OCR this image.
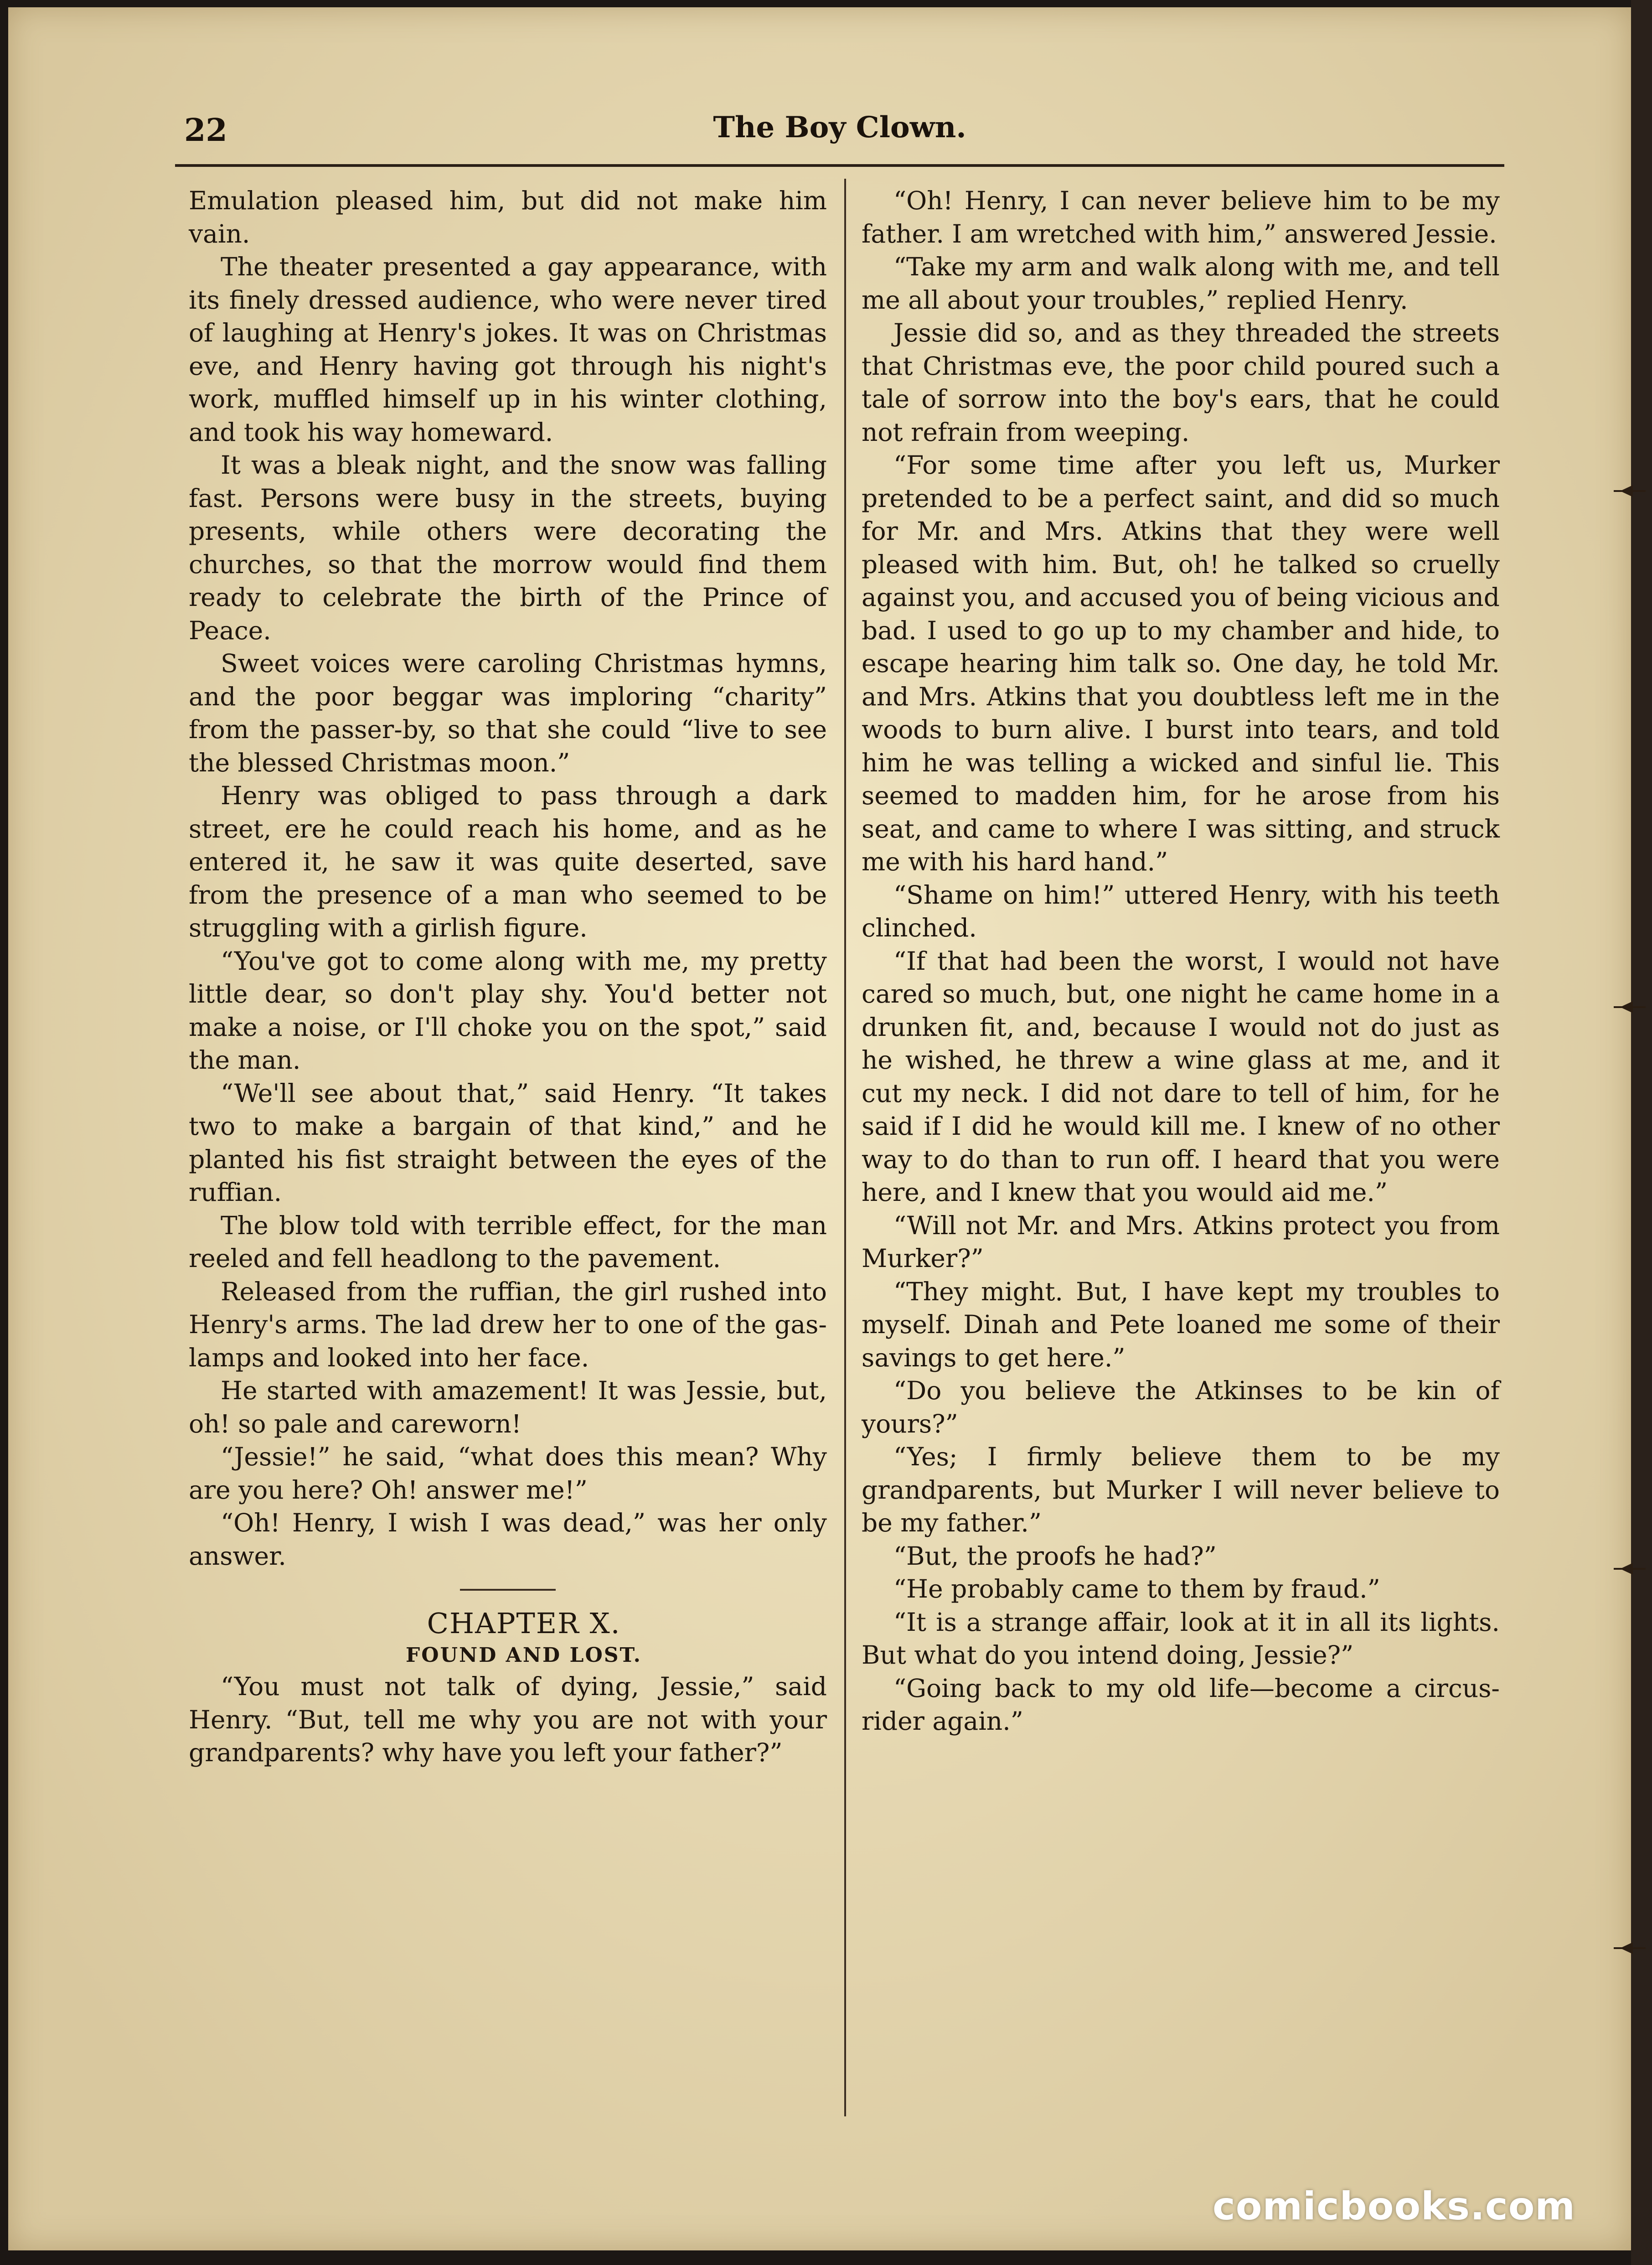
22	The Boy Clown.

Emulation pleased him, but did not make him vain.

The theater presented a gay appearance, with its finely dressed audience, who were never tired of laughing at Henry's jokes. It was on Christmas eve, and Henry having got through his night's work, muffled himself up in his winter clothing, and took his way homeward.

It was a bleak night, and the snow was falling fast. Persons were busy in the streets, buying presents, while others were decorating the churches, so that the morrow would find them ready to celebrate the birth of the Prince of Peace.

Sweet voices were caroling Christmas hymns, and the poor beggar was imploring “charity” from the passer-by, so that she could “live to see the blessed Christmas moon.”

Henry was obliged to pass through a dark street, ere he could reach his home, and as he entered it, he saw it was quite deserted, save from the presence of a man who seemed to be struggling with a girlish figure.

“You've got to come along with me, my pretty little dear, so don't play shy. You'd better not make a noise, or I'll choke you on the spot,” said the man.

“We'll see about that,” said Henry. “It takes two to make a bargain of that kind,” and he planted his fist straight between the eyes of the ruffian.

The blow told with terrible effect, for the man reeled and fell headlong to the pavement.

Released from the ruffian, the girl rushed into Henry's arms. The lad drew her to one of the gas-lamps and looked into her face.

He started with amazement! It was Jessie, but, oh! so pale and careworn!

“Jessie!” he said, “what does this mean? Why are you here? Oh! answer me!”

“Oh! Henry, I wish I was dead,” was her only answer.

CHAPTER X.

FOUND AND LOST.

“You must not talk of dying, Jessie,” said Henry. “But, tell me why you are not with your grandparents? why have you left your father?”

“Oh! Henry, I can never believe him to be my father. I am wretched with him,” answered Jessie.

“Take my arm and walk along with me, and tell me all about your troubles,” replied Henry.

Jessie did so, and as they threaded the streets that Christmas eve, the poor child poured such a tale of sorrow into the boy's ears, that he could not refrain from weeping.

“For some time after you left us, Murker pretended to be a perfect saint, and did so much for Mr. and Mrs. Atkins that they were well pleased with him. But, oh! he talked so cruelly against you, and accused you of being vicious and bad. I used to go up to my chamber and hide, to escape hearing him talk so. One day, he told Mr. and Mrs. Atkins that you doubtless left me in the woods to burn alive. I burst into tears, and told him he was telling a wicked and sinful lie. This seemed to madden him, for he arose from his seat, and came to where I was sitting, and struck me with his hard hand.”

“Shame on him!” uttered Henry, with his teeth clinched.

“If that had been the worst, I would not have cared so much, but, one night he came home in a drunken fit, and, because I would not do just as he wished, he threw a wine glass at me, and it cut my neck. I did not dare to tell of him, for he said if I did he would kill me. I knew of no other way to do than to run off. I heard that you were here, and I knew that you would aid me.”

“Will not Mr. and Mrs. Atkins protect you from Murker?”

“They might. But, I have kept my troubles to myself. Dinah and Pete loaned me some of their savings to get here.”

“Do you believe the Atkinses to be kin of yours?”

“Yes; I firmly believe them to be my grandparents, but Murker I will never believe to be my father.”

“But, the proofs he had?”

“He probably came to them by fraud.”

“It is a strange affair, look at it in all its lights. But what do you intend doing, Jessie?”

“Going back to my old life—become a circus-rider again.”

comicbooks.com
